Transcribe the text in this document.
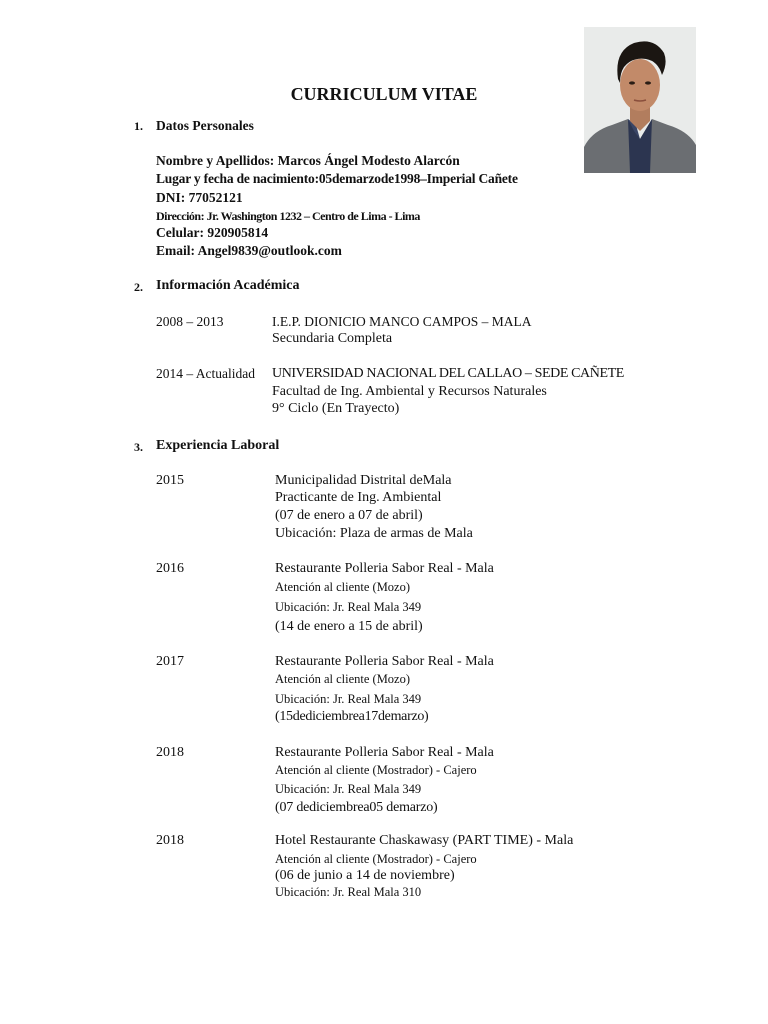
CURRICULUM VITAE
1. Datos Personales
Nombre y Apellidos: Marcos Ángel Modesto Alarcón
Lugar y fecha de nacimiento:05demarzode1998–Imperial Cañete
DNI: 77052121
Dirección: Jr. Washington 1232 – Centro de Lima - Lima
Celular: 920905814
Email: Angel9839@outlook.com
2. Información Académica
2008 – 2013	I.E.P. DIONICIO MANCO CAMPOS – MALA
Secundaria Completa
2014 – Actualidad UNIVERSIDAD NACIONAL DEL CALLAO – SEDE CAÑETE
Facultad de Ing. Ambiental y Recursos Naturales
9° Ciclo (En Trayecto)
3. Experiencia Laboral
2015	Municipalidad Distrital deMala
Practicante de Ing. Ambiental
(07 de enero a 07 de abril)
Ubicación: Plaza de armas de Mala
2016	Restaurante Polleria Sabor Real - Mala
Atención al cliente (Mozo)
Ubicación: Jr. Real Mala 349
(14 de enero a 15 de abril)
2017	Restaurante Polleria Sabor Real - Mala
Atención al cliente (Mozo)
Ubicación: Jr. Real Mala 349
(15dediciembrea17demarzo)
2018	Restaurante Polleria Sabor Real - Mala
Atención al cliente (Mostrador) - Cajero
Ubicación: Jr. Real Mala 349
(07 dediciembrea05 demarzo)
2018	Hotel Restaurante Chaskawasy (PART TIME) - Mala
Atención al cliente (Mostrador) - Cajero
(06 de junio a 14 de noviembre)
Ubicación: Jr. Real Mala 310
